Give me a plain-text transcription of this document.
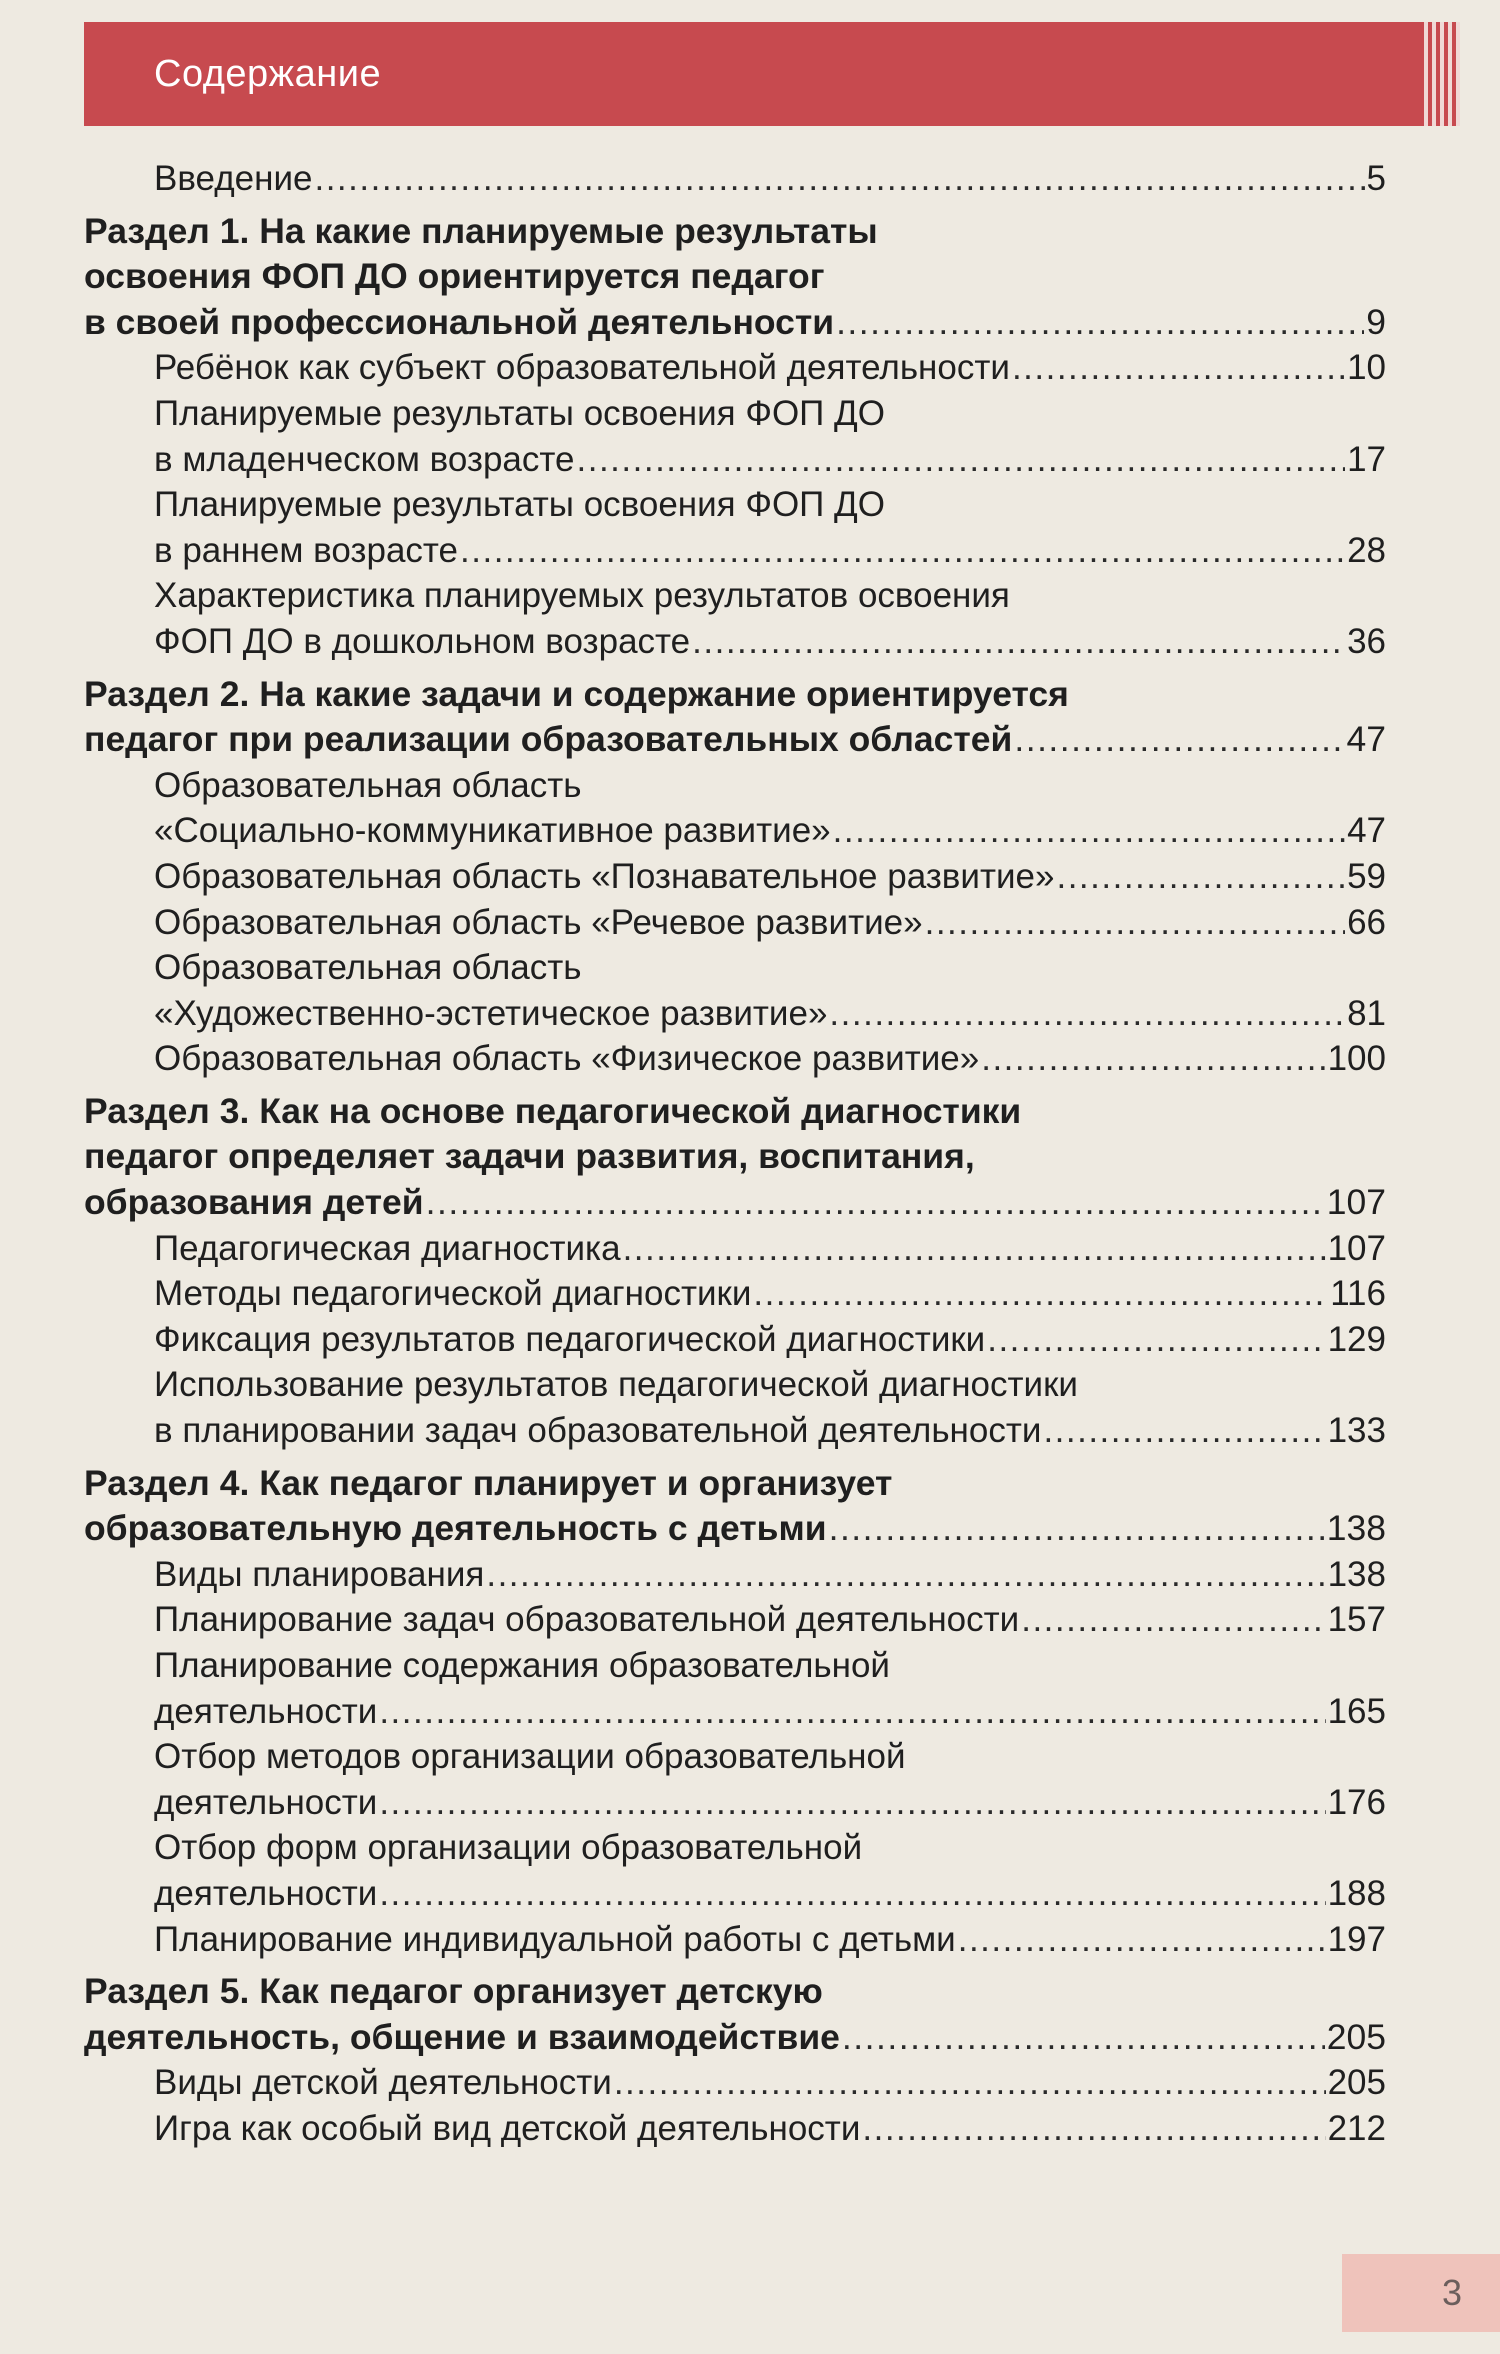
Содержание
Введение .....	5
Раздел 1. На какие планируемые результаты
освоения ФОП ДО ориентируется педагог
в своей профессиональной деятельности .....	9
Ребёнок как субъект образовательной деятельности .....	10
Планируемые результаты освоения ФОП ДО
в младенческом возрасте .....	17
Планируемые результаты освоения ФОП ДО
в раннем возрасте .....	28
Характеристика планируемых результатов освоения
ФОП ДО в дошкольном возрасте .....	36
Раздел 2. На какие задачи и содержание ориентируется
педагог при реализации образовательных областей .....	47
Образовательная область
«Социально-коммуникативное развитие» .....	47
Образовательная область «Познавательное развитие» .....	59
Образовательная область «Речевое развитие» .....	66
Образовательная область
«Художественно-эстетическое развитие» .....	81
Образовательная область «Физическое развитие» .....	100
Раздел 3. Как на основе педагогической диагностики
педагог определяет задачи развития, воспитания,
образования детей .....	107
Педагогическая диагностика .....	107
Методы педагогической диагностики .....	116
Фиксация результатов педагогической диагностики .....	129
Использование результатов педагогической диагностики
в планировании задач образовательной деятельности .....	133
Раздел 4. Как педагог планирует и организует
образовательную деятельность с детьми .....	138
Виды планирования .....	138
Планирование задач образовательной деятельности .....	157
Планирование содержания образовательной
деятельности .....	165
Отбор методов организации образовательной
деятельности .....	176
Отбор форм организации образовательной
деятельности .....	188
Планирование индивидуальной работы с детьми .....	197
Раздел 5. Как педагог организует детскую
деятельность, общение и взаимодействие .....	205
Виды детской деятельности .....	205
Игра как особый вид детской деятельности .....	212
3
